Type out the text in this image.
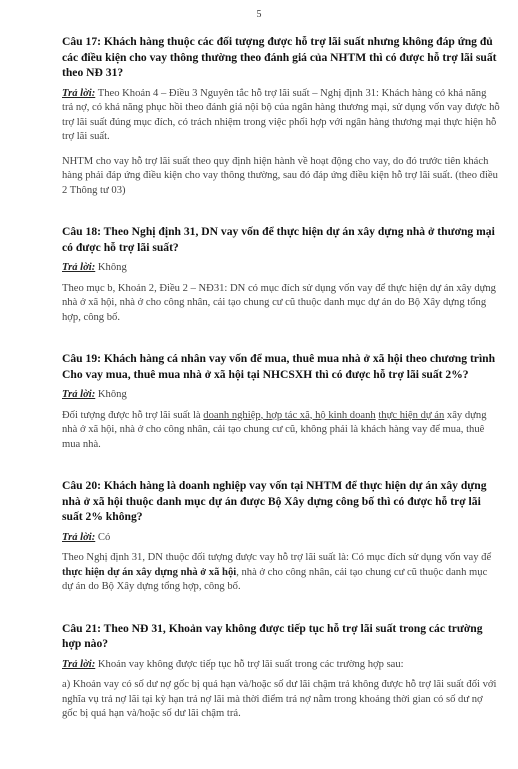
5

Câu 17: Khách hàng thuộc các đối tượng được hỗ trợ lãi suất nhưng không đáp ứng đủ các điều kiện cho vay thông thường theo đánh giá của NHTM thì có được hỗ trợ lãi suất theo NĐ 31?

Trả lời: Theo Khoản 4 – Điều 3 Nguyên tắc hỗ trợ lãi suất – Nghị định 31: Khách hàng có khả năng trả nợ, có khả năng phục hồi theo đánh giá nội bộ của ngân hàng thương mại, sử dụng vốn vay được hỗ trợ lãi suất đúng mục đích, có trách nhiệm trong việc phối hợp với ngân hàng thương mại thực hiện hỗ trợ lãi suất.

NHTM cho vay hỗ trợ lãi suất theo quy định hiện hành về hoạt động cho vay, do đó trước tiên khách hàng phải đáp ứng điều kiện cho vay thông thường, sau đó đáp ứng điều kiện hỗ trợ lãi suất. (theo điều 2 Thông tư 03)

Câu 18: Theo Nghị định 31, DN vay vốn để thực hiện dự án xây dựng nhà ở thương mại có được hỗ trợ lãi suất?

Trả lời: Không

Theo mục b, Khoản 2, Điều 2 – NĐ31: DN có mục đích sử dụng vốn vay để thực hiện dự án xây dựng nhà ở xã hội, nhà ở cho công nhân, cải tạo chung cư cũ thuộc danh mục dự án do Bộ Xây dựng tổng hợp, công bố.

Câu 19: Khách hàng cá nhân vay vốn để mua, thuê mua nhà ở xã hội theo chương trình Cho vay mua, thuê mua nhà ở xã hội tại NHCSXH thì có được hỗ trợ lãi suất 2%?

Trả lời: Không

Đối tượng được hỗ trợ lãi suất là doanh nghiệp, hợp tác xã, hộ kinh doanh thực hiện dự án xây dựng nhà ở xã hội, nhà ở cho công nhân, cải tạo chung cư cũ, không phải là khách hàng vay để mua, thuê mua nhà.

Câu 20: Khách hàng là doanh nghiệp vay vốn tại NHTM để thực hiện dự án xây dựng nhà ở xã hội thuộc danh mục dự án được Bộ Xây dựng công bố thì có được hỗ trợ lãi suất 2% không?

Trả lời: Có

Theo Nghị định 31, DN thuộc đối tượng được vay hỗ trợ lãi suất là: Có mục đích sử dụng vốn vay để thực hiện dự án xây dựng nhà ở xã hội, nhà ở cho công nhân, cải tạo chung cư cũ thuộc danh mục dự án do Bộ Xây dựng tổng hợp, công bố.

Câu 21: Theo NĐ 31, Khoản vay không được tiếp tục hỗ trợ lãi suất trong các trường hợp nào?

Trả lời: Khoản vay không được tiếp tục hỗ trợ lãi suất trong các trường hợp sau:

a) Khoản vay có số dư nợ gốc bị quá hạn và/hoặc số dư lãi chậm trả không được hỗ trợ lãi suất đối với nghĩa vụ trả nợ lãi tại kỳ hạn trả nợ lãi mà thời điểm trả nợ nằm trong khoảng thời gian có số dư nợ gốc bị quá hạn và/hoặc số dư lãi chậm trả.
